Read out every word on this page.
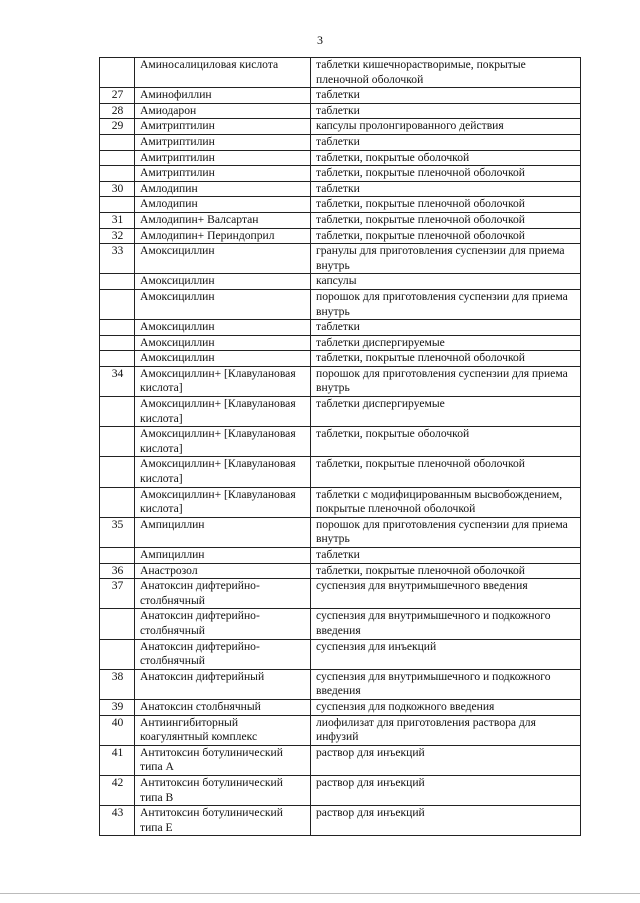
3
	Аминосалициловая кислота	таблетки кишечнорастворимые, покрытые пленочной оболочкой
27	Аминофиллин	таблетки
28	Амиодарон	таблетки
29	Амитриптилин	капсулы пролонгированного действия
	Амитриптилин	таблетки
	Амитриптилин	таблетки, покрытые оболочкой
	Амитриптилин	таблетки, покрытые пленочной оболочкой
30	Амлодипин	таблетки
	Амлодипин	таблетки, покрытые пленочной оболочкой
31	Амлодипин+ Валсартан	таблетки, покрытые пленочной оболочкой
32	Амлодипин+ Периндоприл	таблетки, покрытые пленочной оболочкой
33	Амоксициллин	гранулы для приготовления суспензии для приема внутрь
	Амоксициллин	капсулы
	Амоксициллин	порошок для приготовления суспензии для приема внутрь
	Амоксициллин	таблетки
	Амоксициллин	таблетки диспергируемые
	Амоксициллин	таблетки, покрытые пленочной оболочкой
34	Амоксициллин+ [Клавулановая кислота]	порошок для приготовления суспензии для приема внутрь
	Амоксициллин+ [Клавулановая кислота]	таблетки диспергируемые
	Амоксициллин+ [Клавулановая кислота]	таблетки, покрытые оболочкой
	Амоксициллин+ [Клавулановая кислота]	таблетки, покрытые пленочной оболочкой
	Амоксициллин+ [Клавулановая кислота]	таблетки с модифицированным высвобождением, покрытые пленочной оболочкой
35	Ампициллин	порошок для приготовления суспензии для приема внутрь
	Ампициллин	таблетки
36	Анастрозол	таблетки, покрытые пленочной оболочкой
37	Анатоксин дифтерийно-столбнячный	суспензия для внутримышечного введения
	Анатоксин дифтерийно-столбнячный	суспензия для внутримышечного и подкожного введения
	Анатоксин дифтерийно-столбнячный	суспензия для инъекций
38	Анатоксин дифтерийный	суспензия для внутримышечного и подкожного введения
39	Анатоксин столбнячный	суспензия для подкожного введения
40	Антиингибиторный коагулянтный комплекс	лиофилизат для приготовления раствора для инфузий
41	Антитоксин ботулинический типа А	раствор для инъекций
42	Антитоксин ботулинический типа В	раствор для инъекций
43	Антитоксин ботулинический типа Е	раствор для инъекций
